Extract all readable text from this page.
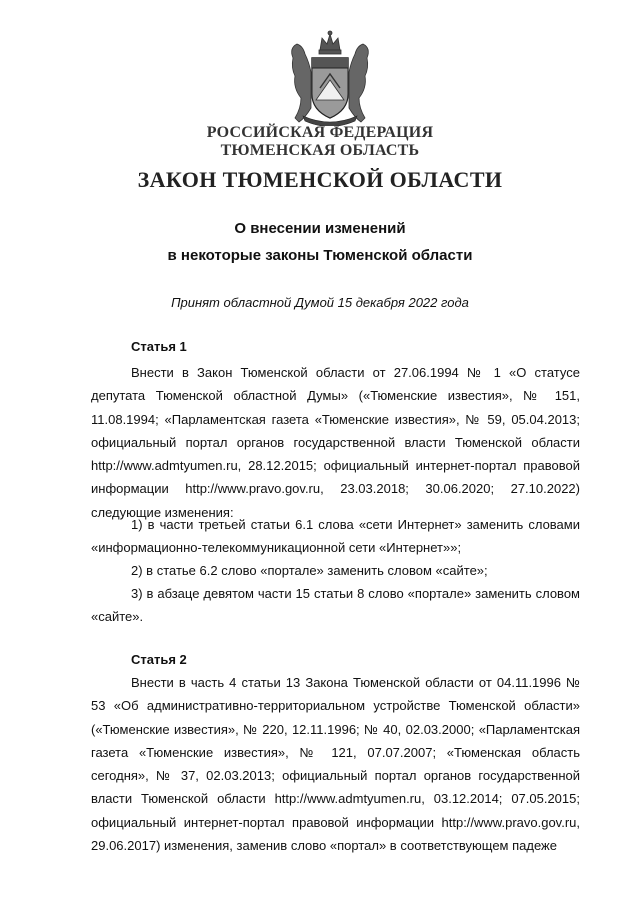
РОССИЙСКАЯ ФЕДЕРАЦИЯ
ТЮМЕНСКАЯ ОБЛАСТЬ
ЗАКОН ТЮМЕНСКОЙ ОБЛАСТИ
О внесении изменений
в некоторые законы Тюменской области
Принят областной Думой 15 декабря 2022 года
Статья 1
Внести в Закон Тюменской области от 27.06.1994 № 1 «О статусе депутата Тюменской областной Думы» («Тюменские известия», № 151, 11.08.1994; «Парламентская газета «Тюменские известия», № 59, 05.04.2013; официальный портал органов государственной власти Тюменской области http://www.admtyumen.ru, 28.12.2015; официальный интернет-портал правовой информации http://www.pravo.gov.ru, 23.03.2018; 30.06.2020; 27.10.2022) следующие изменения:
1) в части третьей статьи 6.1 слова «сети Интернет» заменить словами «информационно-телекоммуникационной сети «Интернет»»;
2) в статье 6.2 слово «портале» заменить словом «сайте»;
3) в абзаце девятом части 15 статьи 8 слово «портале» заменить словом «сайте».
Статья 2
Внести в часть 4 статьи 13 Закона Тюменской области от 04.11.1996 № 53 «Об административно-территориальном устройстве Тюменской области» («Тюменские известия», № 220, 12.11.1996; № 40, 02.03.2000; «Парламентская газета «Тюменские известия», № 121, 07.07.2007; «Тюменская область сегодня», № 37, 02.03.2013; официальный портал органов государственной власти Тюменской области http://www.admtyumen.ru, 03.12.2014; 07.05.2015; официальный интернет-портал правовой информации http://www.pravo.gov.ru, 29.06.2017) изменения, заменив слово «портал» в соответствующем падеже
